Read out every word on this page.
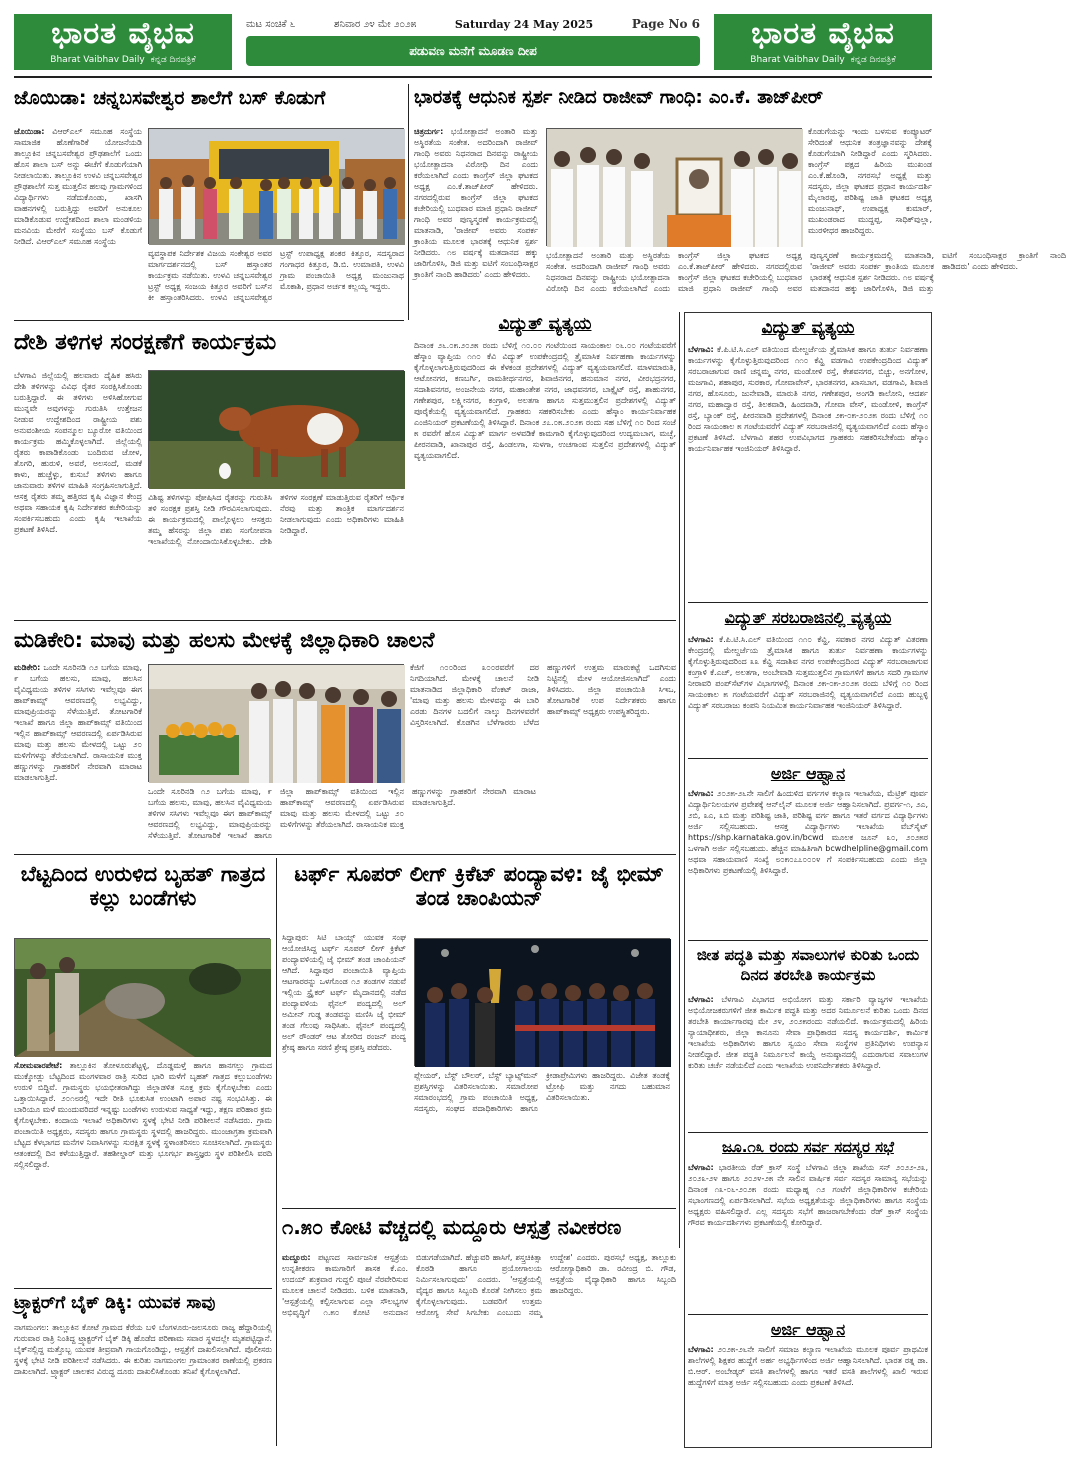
ಭಾರತ ವೈಭವ
Bharat Vaibhav Daily ಕನ್ನಡ ದಿನಪತ್ರಿಕೆ
ಮಟ ಸಂಚಿಕೆ ೬	ಶನಿವಾರ ೨೪ ಮೇ ೨೦೨೫	Saturday 24 May 2025	Page No 6
ಪಡುವಣ ಮನೆಗೆ ಮೂಡಣ ದೀಪ	ಭಾರತ ವೈಭವ
Bharat Vaibhav Daily ಕನ್ನಡ ದಿನಪತ್ರಿಕೆ
ಜೊಯಿಡಾ: ಚನ್ನಬಸವೇಶ್ವರ ಶಾಲೆಗೆ ಬಸ್ ಕೊಡುಗೆ
ಜೊಯಿಡಾ: ವಿಆರ್‌ಎಲ್ ಸಮೂಹ ಸಂಸ್ಥೆಯ ಸಾಮಾಜಿಕ ಹೊಣೆಗಾರಿಕೆ ಯೋಜನೆಯಡಿ ತಾಲ್ಲೂಕಿನ ಚನ್ನಬಸವೇಶ್ವರ ಪ್ರೌಢಶಾಲೆಗೆ ಒಂದು ಹೊಸ ಶಾಲಾ ಬಸ್ ಅನ್ನು ಈಚೆಗೆ ಕೊಡುಗೆಯಾಗಿ ನೀಡಲಾಯಿತು. ತಾಲ್ಲೂಕಿನ ಉಳವಿ ಚನ್ನಬಸವೇಶ್ವರ ಪ್ರೌಢಶಾಲೆಗೆ ಸುತ್ತ ಮುತ್ತಲಿನ ಹಲವು ಗ್ರಾಮಗಳಿಂದ ವಿದ್ಯಾರ್ಥಿಗಳು ನಡೆದುಕೊಂಡು, ಖಾಸಗಿ ವಾಹನಗಳಲ್ಲಿ ಬರುತ್ತಿದ್ದು ಅವರಿಗೆ ಅನುಕೂಲ ಮಾಡಿಕೊಡುವ ಉದ್ದೇಶದಿಂದ ಶಾಲಾ ಮಂಡಳಿಯ ಮನವಿಯ ಮೇರೆಗೆ ಸಂಸ್ಥೆಯು ಬಸ್ ಕೊಡುಗೆ ನೀಡಿದೆ. ವಿಆರ್‌ಎಲ್ ಸಮೂಹ ಸಂಸ್ಥೆಯ
ವ್ಯವಸ್ಥಾಪಕ ನಿರ್ದೇಶಕ ವಿಜಯ ಸಂಕೇಶ್ವರ ಅವರ ಮಾರ್ಗದರ್ಶನದಲ್ಲಿ ಬಸ್ ಹಸ್ತಾಂತರ ಕಾರ್ಯಕ್ರಮ ನಡೆಯಿತು. ಉಳವಿ ಚನ್ನಬಸವೇಶ್ವರ ಟ್ರಸ್ಟ್ ಅಧ್ಯಕ್ಷ ಸಂಜಯ ಕಿತ್ತೂರ ಅವರಿಗೆ ಬಸ್‌ನ ಕೀ ಹಸ್ತಾಂತರಿಸಿದರು. ಉಳವಿ ಚನ್ನಬಸವೇಶ್ವರ ಟ್ರಸ್ಟ್ ಉಪಾಧ್ಯಕ್ಷ ಶಂಕರ ಕಿತ್ತೂರ, ಸದಸ್ಯರಾದ ಗಂಗಾಧರ ಕಿತ್ತೂರ, ಡಿ.ಬಿ. ಉಮಾಪತಿ, ಉಳವಿ ಗ್ರಾಮ ಪಂಚಾಯಿತಿ ಅಧ್ಯಕ್ಷ ಮಂಜುನಾಥ ಮೊಕಾಶಿ, ಪ್ರಧಾನ ಅರ್ಚಕ ಕಲ್ಲಯ್ಯ ಇದ್ದರು.
ಭಾರತಕ್ಕೆ ಆಧುನಿಕ ಸ್ಪರ್ಶ ನೀಡಿದ ರಾಜೀವ್ ಗಾಂಧಿ: ಎಂ.ಕೆ. ತಾಜ್‌ಪೀರ್
ಚಿತ್ರದುರ್ಗ: ಭಯೋತ್ಪಾದನೆ ಅಂತಾರಿ ಮತ್ತು ಅಸ್ಥಿರತೆಯ ಸಂಕೇತ. ಅದರಿಂದಾಗಿ ರಾಜೀವ್ ಗಾಂಧಿ ಅವರು ನಿಧನರಾದ ದಿನವನ್ನು ರಾಷ್ಟ್ರೀಯ ಭಯೋತ್ಪಾದನಾ ವಿರೋಧಿ ದಿನ ಎಂದು ಕರೆಯಲಾಗಿದೆ ಎಂದು ಕಾಂಗ್ರೆಸ್ ಜಿಲ್ಲಾ ಘಟಕದ ಅಧ್ಯಕ್ಷ ಎಂ.ಕೆ.ತಾಜ್‌ಪೀರ್ ಹೇಳಿದರು. ನಗರದಲ್ಲಿರುವ ಕಾಂಗ್ರೆಸ್ ಜಿಲ್ಲಾ ಘಟಕದ ಕಚೇರಿಯಲ್ಲಿ ಬುಧವಾರ ಮಾಜಿ ಪ್ರಧಾನಿ ರಾಜೀವ್ ಗಾಂಧಿ ಅವರ ಪುಣ್ಯಸ್ಮರಣೆ ಕಾರ್ಯಕ್ರಮದಲ್ಲಿ ಮಾತನಾಡಿ, 'ರಾಜೀವ್ ಅವರು ಸಂಪರ್ಕ ಕ್ರಾಂತಿಯ ಮೂಲಕ ಭಾರತಕ್ಕೆ ಆಧುನಿಕ ಸ್ಪರ್ಶ ನೀಡಿದರು. ೧೮ ವರ್ಷಕ್ಕೆ ಮತದಾನದ ಹಕ್ಕು ಜಾರಿಗೊಳಿಸಿ, ಡಿಜಿ ಮತ್ತು ಐಟಿಗೆ ಸಂಬಂಧಿಸಾಕ್ಷರ ಕ್ರಾಂತಿಗೆ ನಾಂದಿ ಹಾಡಿದರು' ಎಂದು ಹೇಳಿದರು.
ಭಯೋತ್ಪಾದನೆ ಅಂತಾರಿ ಮತ್ತು ಅಸ್ಥಿರತೆಯ ಸಂಕೇತ. ಅದರಿಂದಾಗಿ ರಾಜೀವ್ ಗಾಂಧಿ ಅವರು ನಿಧನರಾದ ದಿನವನ್ನು ರಾಷ್ಟ್ರೀಯ ಭಯೋತ್ಪಾದನಾ ವಿರೋಧಿ ದಿನ ಎಂದು ಕರೆಯಲಾಗಿದೆ ಎಂದು ಕಾಂಗ್ರೆಸ್ ಜಿಲ್ಲಾ ಘಟಕದ ಅಧ್ಯಕ್ಷ ಎಂ.ಕೆ.ತಾಜ್‌ಪೀರ್ ಹೇಳಿದರು. ನಗರದಲ್ಲಿರುವ ಕಾಂಗ್ರೆಸ್ ಜಿಲ್ಲಾ ಘಟಕದ ಕಚೇರಿಯಲ್ಲಿ ಬುಧವಾರ ಮಾಜಿ ಪ್ರಧಾನಿ ರಾಜೀವ್ ಗಾಂಧಿ ಅವರ ಪುಣ್ಯಸ್ಮರಣೆ ಕಾರ್ಯಕ್ರಮದಲ್ಲಿ ಮಾತನಾಡಿ, 'ರಾಜೀವ್ ಅವರು ಸಂಪರ್ಕ ಕ್ರಾಂತಿಯ ಮೂಲಕ ಭಾರತಕ್ಕೆ ಆಧುನಿಕ ಸ್ಪರ್ಶ ನೀಡಿದರು. ೧೮ ವರ್ಷಕ್ಕೆ ಮತದಾನದ ಹಕ್ಕು ಜಾರಿಗೊಳಿಸಿ, ಡಿಜಿ ಮತ್ತು ಐಟಿಗೆ ಸಂಬಂಧಿಸಾಕ್ಷರ ಕ್ರಾಂತಿಗೆ ನಾಂದಿ ಹಾಡಿದರು' ಎಂದು ಹೇಳಿದರು.
ಕೊಡುಗೆಯನ್ನು ಇಂದು ಬಳಸುವ ಕಂಪ್ಯೂಟರ್ ಸೇರಿದಂತೆ ಆಧುನಿಕ ತಂತ್ರಜ್ಞಾನವನ್ನು ದೇಶಕ್ಕೆ ಕೊಡುಗೆಯಾಗಿ ನೀಡಿದ್ದಾರೆ ಎಂದು ಸ್ಮರಿಸಿದರು. ಕಾಂಗ್ರೆಸ್ ಪಕ್ಷದ ಹಿರಿಯ ಮುಖಂಡ ಎಂ.ಕೆ.ಹೊಂಡಿ, ನಗರಸಭೆ ಅಧ್ಯಕ್ಷೆ ಮತ್ತು ಸದಸ್ಯರು, ಜಿಲ್ಲಾ ಘಟಕದ ಪ್ರಧಾನ ಕಾರ್ಯದರ್ಶಿ ಮೈಲಾರಪ್ಪ, ಪರಿಶಿಷ್ಟ ಜಾತಿ ಘಟಕದ ಅಧ್ಯಕ್ಷ ಮಂಜುನಾಥ್, ಉಪಾಧ್ಯಕ್ಷ ಕುಮಾರ್, ಮುಖಂಡರಾದ ಮುದ್ದಪ್ಪ, ಸಾಧಿಕ್‌ವುಲ್ಲಾ, ಮುರಳೀಧರ ಹಾಜರಿದ್ದರು.
ವಿದ್ಯುತ್ ವ್ಯತ್ಯಯ
ದಿನಾಂಕ ೨೬.೦೫.೨೦೨೫ ರಂದು ಬೆಳಿಗ್ಗೆ ೧೦.೦೦ ಗಂಟೆಯಿಂದ ಸಾಯಂಕಾಲ ೦೬.೦೦ ಗಂಟೆಯವರೆಗೆ ಹೆಸ್ಕಾಂ ವ್ಯಾಪ್ತಿಯ ೧೧೦ ಕೆವಿ ವಿದ್ಯುತ್ ಉಪಕೇಂದ್ರದಲ್ಲಿ ತ್ರೈಮಾಸಿಕ ನಿರ್ವಹಣಾ ಕಾರ್ಯಗಳನ್ನು ಕೈಗೊಳ್ಳಲಾಗುತ್ತಿರುವುದರಿಂದ ಈ ಕೆಳಕಂಡ ಪ್ರದೇಶಗಳಲ್ಲಿ ವಿದ್ಯುತ್ ವ್ಯತ್ಯಯವಾಗಲಿದೆ. ಮಾಳಮಾರುತಿ, ಆಟೋನಗರ, ಕಣಬರ್ಗಿ, ರಾಮತೀರ್ಥನಗರ, ಶಿವಾಜಿನಗರ, ಹನುಮಾನ ನಗರ, ವೀರಭದ್ರನಗರ, ಸದಾಶಿವನಗರ, ಅಂಜನೇಯ ನಗರ, ಮಹಾಂತೇಶ ನಗರ, ಜಾಧವನಗರ, ಬಾಕ್ಸೈಟ್ ರಸ್ತೆ, ಶಾಹುನಗರ, ಗಣೇಶಪುರ, ಲಕ್ಷ್ಮೀನಗರ, ಕಂಗ್ರಾಳಿ, ಅಲತಗಾ ಹಾಗೂ ಸುತ್ತಮುತ್ತಲಿನ ಪ್ರದೇಶಗಳಲ್ಲಿ ವಿದ್ಯುತ್ ಪೂರೈಕೆಯಲ್ಲಿ ವ್ಯತ್ಯಯವಾಗಲಿದೆ. ಗ್ರಾಹಕರು ಸಹಕರಿಸಬೇಕು ಎಂದು ಹೆಸ್ಕಾಂ ಕಾರ್ಯನಿರ್ವಾಹಕ ಎಂಜಿನಿಯರ್ ಪ್ರಕಟಣೆಯಲ್ಲಿ ತಿಳಿಸಿದ್ದಾರೆ. ದಿನಾಂಕ ೨೭.೦೫.೨೦೨೫ ರಂದು ಸಹ ಬೆಳಿಗ್ಗೆ ೧೦ ರಿಂದ ಸಂಜೆ ೫ ರವರೆಗೆ ಹೊಸ ವಿದ್ಯುತ್ ಮಾರ್ಗ ಅಳವಡಿಕೆ ಕಾಮಗಾರಿ ಕೈಗೊಳ್ಳುವುದರಿಂದ ಉದ್ಯಮಬಾಗ, ಮಚ್ಛೆ, ಪೀರನವಾಡಿ, ಖಾನಾಪುರ ರಸ್ತೆ, ಹಿಂಡಲಗಾ, ಸುಳಗಾ, ಉಚಗಾಂವ ಸುತ್ತಲಿನ ಪ್ರದೇಶಗಳಲ್ಲಿ ವಿದ್ಯುತ್ ವ್ಯತ್ಯಯವಾಗಲಿದೆ.
ದೇಶಿ ತಳಿಗಳ ಸಂರಕ್ಷಣೆಗೆ ಕಾರ್ಯಕ್ರಮ
ಬೆಳಗಾವಿ ಜಿಲ್ಲೆಯಲ್ಲಿ ಹಲವಾರು ದೈಹಿಕ ಹಸಿರು ದೇಶಿ ತಳಿಗಳನ್ನು ವಿವಿಧ ರೈತರ ಸಂರಕ್ಷಿಸಿಕೊಂಡು ಬರುತ್ತಿದ್ದಾರೆ. ಈ ತಳಿಗಳು ಅಳಿಸಿಹೋಗುವ ಮುನ್ನವೇ ಅವುಗಳನ್ನು ಗುರುತಿಸಿ ಉತ್ತೇಜನ ನೀಡುವ ಉದ್ದೇಶದಿಂದ ರಾಷ್ಟ್ರೀಯ ಪಶು ಅನುವಂಶೀಯ ಸಂಪನ್ಮೂಲ ಬ್ಯೂರೋ ವತಿಯಿಂದ ಕಾರ್ಯಕ್ರಮ ಹಮ್ಮಿಕೊಳ್ಳಲಾಗಿದೆ. ಜಿಲ್ಲೆಯಲ್ಲಿ ರೈತರು ಕಾಪಾಡಿಕೊಂಡು ಬಂದಿರುವ ಜೋಳ, ತೊಗರಿ, ಹುರುಳಿ, ಅವರೆ, ಅಲಸಂದೆ, ಮಡಕೆ ಕಾಳು, ಹುಚ್ಚೆಳ್ಳು, ಕುಸುಬೆ ತಳಿಗಳು ಹಾಗೂ ಜಾನುವಾರು ತಳಿಗಳ ಮಾಹಿತಿ ಸಂಗ್ರಹಿಸಲಾಗುತ್ತಿದೆ. ಆಸಕ್ತ ರೈತರು ತಮ್ಮ ಹತ್ತಿರದ ಕೃಷಿ ವಿಜ್ಞಾನ ಕೇಂದ್ರ ಅಥವಾ ಸಹಾಯಕ ಕೃಷಿ ನಿರ್ದೇಶಕರ ಕಚೇರಿಯನ್ನು ಸಂಪರ್ಕಿಸಬಹುದು ಎಂದು ಕೃಷಿ ಇಲಾಖೆಯ ಪ್ರಕಟಣೆ ತಿಳಿಸಿದೆ.
ವಿಶಿಷ್ಟ ತಳಿಗಳನ್ನು ಪೋಷಿಸಿದ ರೈತರನ್ನು ಗುರುತಿಸಿ ತಳಿ ಸಂರಕ್ಷಕ ಪ್ರಶಸ್ತಿ ನೀಡಿ ಗೌರವಿಸಲಾಗುವುದು. ಈ ಕಾರ್ಯಕ್ರಮದಲ್ಲಿ ಪಾಲ್ಗೊಳ್ಳಲು ಆಸಕ್ತರು ತಮ್ಮ ಹೆಸರನ್ನು ಜಿಲ್ಲಾ ಪಶು ಸಂಗೋಪನಾ ಇಲಾಖೆಯಲ್ಲಿ ನೋಂದಾಯಿಸಿಕೊಳ್ಳಬೇಕು. ದೇಶಿ ತಳಿಗಳ ಸಂರಕ್ಷಣೆ ಮಾಡುತ್ತಿರುವ ರೈತರಿಗೆ ಆರ್ಥಿಕ ನೆರವು ಮತ್ತು ತಾಂತ್ರಿಕ ಮಾರ್ಗದರ್ಶನ ನೀಡಲಾಗುವುದು ಎಂದು ಅಧಿಕಾರಿಗಳು ಮಾಹಿತಿ ನೀಡಿದ್ದಾರೆ.
ಮಡಿಕೇರಿ: ಮಾವು ಮತ್ತು ಹಲಸು ಮೇಳಕ್ಕೆ ಜಿಲ್ಲಾಧಿಕಾರಿ ಚಾಲನೆ
ಮಡಿಕೇರಿ: ಒಂದೇ ಸೂರಿನಡಿ ೧೨ ಬಗೆಯ ಮಾವು, ೯ ಬಗೆಯ ಹಲಸು, ಮಾವು, ಹಲಸಿನ ವೈವಿಧ್ಯಮಯ ತಳಿಗಳ ಸಸಿಗಳು ಇವೆಲ್ಲವೂ ಈಗ ಹಾಪ್‌ಕಾಮ್ಸ್ ಆವರಣದಲ್ಲಿ ಲಭ್ಯವಿದ್ದು, ಮಾವುಪ್ರಿಯರನ್ನು ಸೆಳೆಯುತ್ತಿವೆ. ತೋಟಗಾರಿಕೆ ಇಲಾಖೆ ಹಾಗೂ ಜಿಲ್ಲಾ ಹಾಪ್‌ಕಾಮ್ಸ್ ವತಿಯಿಂದ ಇಲ್ಲಿನ ಹಾಪ್‌ಕಾಮ್ಸ್ ಆವರಣದಲ್ಲಿ ಏರ್ಪಡಿಸಿರುವ ಮಾವು ಮತ್ತು ಹಲಸು ಮೇಳದಲ್ಲಿ ಒಟ್ಟು ೨೦ ಮಳಿಗೆಗಳನ್ನು ತೆರೆಯಲಾಗಿದೆ. ರಾಸಾಯನಿಕ ಮುಕ್ತ ಹಣ್ಣುಗಳನ್ನು ಗ್ರಾಹಕರಿಗೆ ನೇರವಾಗಿ ಮಾರಾಟ ಮಾಡಲಾಗುತ್ತಿದೆ.
ಒಂದೇ ಸೂರಿನಡಿ ೧೨ ಬಗೆಯ ಮಾವು, ೯ ಬಗೆಯ ಹಲಸು, ಮಾವು, ಹಲಸಿನ ವೈವಿಧ್ಯಮಯ ತಳಿಗಳ ಸಸಿಗಳು ಇವೆಲ್ಲವೂ ಈಗ ಹಾಪ್‌ಕಾಮ್ಸ್ ಆವರಣದಲ್ಲಿ ಲಭ್ಯವಿದ್ದು, ಮಾವುಪ್ರಿಯರನ್ನು ಸೆಳೆಯುತ್ತಿವೆ. ತೋಟಗಾರಿಕೆ ಇಲಾಖೆ ಹಾಗೂ ಜಿಲ್ಲಾ ಹಾಪ್‌ಕಾಮ್ಸ್ ವತಿಯಿಂದ ಇಲ್ಲಿನ ಹಾಪ್‌ಕಾಮ್ಸ್ ಆವರಣದಲ್ಲಿ ಏರ್ಪಡಿಸಿರುವ ಮಾವು ಮತ್ತು ಹಲಸು ಮೇಳದಲ್ಲಿ ಒಟ್ಟು ೨೦ ಮಳಿಗೆಗಳನ್ನು ತೆರೆಯಲಾಗಿದೆ. ರಾಸಾಯನಿಕ ಮುಕ್ತ ಹಣ್ಣುಗಳನ್ನು ಗ್ರಾಹಕರಿಗೆ ನೇರವಾಗಿ ಮಾರಾಟ ಮಾಡಲಾಗುತ್ತಿದೆ.
ಕೆಜಿಗೆ ೧೦೦ರಿಂದ ೩೦೦ರವರೆಗೆ ದರ ನಿಗದಿಯಾಗಿದೆ. ಮೇಳಕ್ಕೆ ಚಾಲನೆ ನೀಡಿ ಮಾತನಾಡಿದ ಜಿಲ್ಲಾಧಿಕಾರಿ ವೆಂಕಟ್ ರಾಜಾ, 'ಮಾವು ಮತ್ತು ಹಲಸು ಮೇಳವನ್ನು ಈ ಬಾರಿ ಎರಡು ದಿನಗಳ ಬದಲಿಗೆ ನಾಲ್ಕು ದಿನಗಳವರೆಗೆ ವಿಸ್ತರಿಸಲಾಗಿದೆ. ಕೊಡಗಿನ ಬೆಳೆಗಾರರು ಬೆಳೆದ ಹಣ್ಣುಗಳಿಗೆ ಉತ್ತಮ ಮಾರುಕಟ್ಟೆ ಒದಗಿಸುವ ನಿಟ್ಟಿನಲ್ಲಿ ಮೇಳ ಆಯೋಜಿಸಲಾಗಿದೆ' ಎಂದು ತಿಳಿಸಿದರು. ಜಿಲ್ಲಾ ಪಂಚಾಯಿತಿ ಸಿಇಒ, ತೋಟಗಾರಿಕೆ ಉಪ ನಿರ್ದೇಶಕರು ಹಾಗೂ ಹಾಪ್‌ಕಾಮ್ಸ್ ಅಧ್ಯಕ್ಷರು ಉಪಸ್ಥಿತರಿದ್ದರು.
ಬೆಟ್ಟದಿಂದ ಉರುಳಿದ ಬೃಹತ್ ಗಾತ್ರದ ಕಲ್ಲು ಬಂಡೆಗಳು
ಸೋಮವಾರಪೇಟೆ: ತಾಲ್ಲೂಕಿನ ತೋಳೂರುಶೆಟ್ಟಳ್ಳಿ, ದೊಡ್ಡಮಳ್ತೆ ಹಾಗೂ ಹಾನಗಲ್ಲು ಗ್ರಾಮದ ಮುಕ್ಕೋಡ್ಲು ಬೆಟ್ಟದಿಂದ ಮಂಗಳವಾರ ರಾತ್ರಿ ಸುರಿದ ಭಾರಿ ಮಳೆಗೆ ಬೃಹತ್ ಗಾತ್ರದ ಕಲ್ಲುಬಂಡೆಗಳು ಉರುಳಿ ಬಿದ್ದಿವೆ. ಗ್ರಾಮಸ್ಥರು ಭಯಭೀತರಾಗಿದ್ದು ಜಿಲ್ಲಾಡಳಿತ ಸೂಕ್ತ ಕ್ರಮ ಕೈಗೊಳ್ಳಬೇಕು ಎಂದು ಒತ್ತಾಯಿಸಿದ್ದಾರೆ. ೨೦೧೮ರಲ್ಲಿ ಇದೇ ರೀತಿ ಭೂಕುಸಿತ ಉಂಟಾಗಿ ಅಪಾರ ನಷ್ಟ ಸಂಭವಿಸಿತ್ತು. ಈ ಬಾರಿಯೂ ಮಳೆ ಮುಂದುವರಿದರೆ ಇನ್ನಷ್ಟು ಬಂಡೆಗಳು ಉರುಳುವ ಸಾಧ್ಯತೆ ಇದ್ದು, ತಕ್ಷಣ ಪರಿಹಾರ ಕ್ರಮ ಕೈಗೊಳ್ಳಬೇಕು. ಕಂದಾಯ ಇಲಾಖೆ ಅಧಿಕಾರಿಗಳು ಸ್ಥಳಕ್ಕೆ ಭೇಟಿ ನೀಡಿ ಪರಿಶೀಲನೆ ನಡೆಸಿದರು. ಗ್ರಾಮ ಪಂಚಾಯಿತಿ ಅಧ್ಯಕ್ಷರು, ಸದಸ್ಯರು ಹಾಗೂ ಗ್ರಾಮಸ್ಥರು ಸ್ಥಳದಲ್ಲಿ ಹಾಜರಿದ್ದರು. ಮುಂಜಾಗ್ರತಾ ಕ್ರಮವಾಗಿ ಬೆಟ್ಟದ ಕೆಳಭಾಗದ ಮನೆಗಳ ನಿವಾಸಿಗಳನ್ನು ಸುರಕ್ಷಿತ ಸ್ಥಳಕ್ಕೆ ಸ್ಥಳಾಂತರಿಸಲು ಸೂಚಿಸಲಾಗಿದೆ. ಗ್ರಾಮಸ್ಥರು ಆತಂಕದಲ್ಲಿ ದಿನ ಕಳೆಯುತ್ತಿದ್ದಾರೆ. ತಹಶೀಲ್ದಾರ್ ಮತ್ತು ಭೂಗರ್ಭ ಶಾಸ್ತ್ರಜ್ಞರು ಸ್ಥಳ ಪರಿಶೀಲಿಸಿ ವರದಿ ಸಲ್ಲಿಸಲಿದ್ದಾರೆ.
ಟರ್ಫ್ ಸೂಪರ್ ಲೀಗ್ ಕ್ರಿಕೆಟ್ ಪಂದ್ಯಾವಳಿ: ಜೈ ಭೀಮ್ ತಂಡ ಚಾಂಪಿಯನ್
ಸಿದ್ದಾಪುರ: ಸಿಟಿ ಬಾಯ್ಸ್ ಯುವಕ ಸಂಘ ಆಯೋಜಿಸಿದ್ದ ಟರ್ಫ್ ಸೂಪರ್ ಲೀಗ್ ಕ್ರಿಕೆಟ್ ಪಂದ್ಯಾವಳಿಯಲ್ಲಿ ಜೈ ಭೀಮ್ ತಂಡ ಚಾಂಪಿಯನ್ ಆಗಿದೆ. ಸಿದ್ದಾಪುರ ಪಂಚಾಯಿತಿ ವ್ಯಾಪ್ತಿಯ ಆಟಗಾರರನ್ನು ಒಳಗೊಂಡ ೧೨ ತಂಡಗಳ ನಡುವೆ ಇಲ್ಲಿಯ ಸ್ಟ್ರೈಕರ್ ಟರ್ಫ್ ಮೈದಾನದಲ್ಲಿ ನಡೆದ ಪಂದ್ಯಾವಳಿಯ ಫೈನಲ್ ಪಂದ್ಯದಲ್ಲಿ ಅಲ್ ಅಮೀನ್ ಗುಡ್ಡ ತಂಡವನ್ನು ಮಣಿಸಿ ಜೈ ಭೀಮ್ ತಂಡ ಗೆಲುವು ಸಾಧಿಸಿತು. ಫೈನಲ್ ಪಂದ್ಯದಲ್ಲಿ ಅಲ್ ರೌಂಡರ್ ಆಟ ತೋರಿದ ರಂಜನ್ ಪಂದ್ಯ ಶ್ರೇಷ್ಠ ಹಾಗೂ ಸರಣಿ ಶ್ರೇಷ್ಠ ಪ್ರಶಸ್ತಿ ಪಡೆದರು.
ಪ್ಲೇಯರ್, ಬೆಸ್ಟ್ ಬೌಲರ್, ಬೆಸ್ಟ್ ಬ್ಯಾಟ್ಸ್‌ಮನ್ ಪ್ರಶಸ್ತಿಗಳನ್ನು ವಿತರಿಸಲಾಯಿತು. ಸಮಾರೋಪ ಸಮಾರಂಭದಲ್ಲಿ ಗ್ರಾಮ ಪಂಚಾಯಿತಿ ಅಧ್ಯಕ್ಷ, ಸದಸ್ಯರು, ಸಂಘದ ಪದಾಧಿಕಾರಿಗಳು ಹಾಗೂ ಕ್ರೀಡಾಪ್ರೇಮಿಗಳು ಹಾಜರಿದ್ದರು. ವಿಜೇತ ತಂಡಕ್ಕೆ ಟ್ರೋಫಿ ಮತ್ತು ನಗದು ಬಹುಮಾನ ವಿತರಿಸಲಾಯಿತು.
೧.೫೦ ಕೋಟಿ ವೆಚ್ಚದಲ್ಲಿ ಮದ್ದೂರು ಆಸ್ಪತ್ರೆ ನವೀಕರಣ
ಮದ್ದೂರು: ಪಟ್ಟಣದ ಸಾರ್ವಜನಿಕ ಆಸ್ಪತ್ರೆಯ ಉನ್ನತೀಕರಣ ಕಾಮಗಾರಿಗೆ ಶಾಸಕ ಕೆ.ಎಂ. ಉದಯ್ ಶುಕ್ರವಾರ ಗುದ್ದಲಿ ಪೂಜೆ ನೆರವೇರಿಸುವ ಮೂಲಕ ಚಾಲನೆ ನೀಡಿದರು. ಬಳಿಕ ಮಾತನಾಡಿ, 'ಆಸ್ಪತ್ರೆಯಲ್ಲಿ ಕಲ್ಪಿಸಲಾಗುವ ಎಲ್ಲಾ ಸೌಲಭ್ಯಗಳ ಅಭಿವೃದ್ಧಿಗೆ ೧.೫೦ ಕೋಟಿ ಅನುದಾನ ಬಿಡುಗಡೆಯಾಗಿದೆ. ಹೆಚ್ಚುವರಿ ಹಾಸಿಗೆ, ಶಸ್ತ್ರಚಿಕಿತ್ಸಾ ಕೊಠಡಿ ಹಾಗೂ ಪ್ರಯೋಗಾಲಯ ನಿರ್ಮಿಸಲಾಗುವುದು' ಎಂದರು. 'ಆಸ್ಪತ್ರೆಯಲ್ಲಿ ವೈದ್ಯರ ಹಾಗೂ ಸಿಬ್ಬಂದಿ ಕೊರತೆ ನೀಗಿಸಲು ಕ್ರಮ ಕೈಗೊಳ್ಳಲಾಗುವುದು. ಬಡವರಿಗೆ ಉತ್ತಮ ಆರೋಗ್ಯ ಸೇವೆ ಸಿಗಬೇಕು ಎಂಬುದು ನಮ್ಮ ಉದ್ದೇಶ' ಎಂದರು. ಪುರಸಭೆ ಅಧ್ಯಕ್ಷ, ತಾಲ್ಲೂಕು ಆರೋಗ್ಯಾಧಿಕಾರಿ ಡಾ. ರವೀಂದ್ರ ಬಿ. ಗೌಡ, ಆಸ್ಪತ್ರೆಯ ವೈದ್ಯಾಧಿಕಾರಿ ಹಾಗೂ ಸಿಬ್ಬಂದಿ ಹಾಜರಿದ್ದರು.
ಟ್ರ್ಯಾಕ್ಟರ್‌ಗೆ ಬೈಕ್ ಡಿಕ್ಕಿ: ಯುವಕ ಸಾವು
ನಾಗಮಂಗಲ: ತಾಲ್ಲೂಕಿನ ಕೋಟೆ ಗ್ರಾಮದ ಕೆರೆಯ ಬಳಿ ಬೆಂಗಳೂರು-ಜಲಸೂರು ರಾಜ್ಯ ಹೆದ್ದಾರಿಯಲ್ಲಿ ಗುರುವಾರ ರಾತ್ರಿ ನಿಂತಿದ್ದ ಟ್ರ್ಯಾಕ್ಟರ್‌ಗೆ ಬೈಕ್ ಡಿಕ್ಕಿ ಹೊಡೆದ ಪರಿಣಾಮ ಸವಾರ ಸ್ಥಳದಲ್ಲೇ ಮೃತಪಟ್ಟಿದ್ದಾನೆ. ಬೈಕ್‌ನಲ್ಲಿದ್ದ ಮತ್ತೊಬ್ಬ ಯುವಕ ತೀವ್ರವಾಗಿ ಗಾಯಗೊಂಡಿದ್ದು, ಆಸ್ಪತ್ರೆಗೆ ದಾಖಲಿಸಲಾಗಿದೆ. ಪೊಲೀಸರು ಸ್ಥಳಕ್ಕೆ ಭೇಟಿ ನೀಡಿ ಪರಿಶೀಲನೆ ನಡೆಸಿದರು. ಈ ಕುರಿತು ನಾಗಮಂಗಲ ಗ್ರಾಮಾಂತರ ಠಾಣೆಯಲ್ಲಿ ಪ್ರಕರಣ ದಾಖಲಾಗಿದೆ. ಟ್ರ್ಯಾಕ್ಟರ್ ಚಾಲಕನ ವಿರುದ್ಧ ದೂರು ದಾಖಲಿಸಿಕೊಂಡು ತನಿಖೆ ಕೈಗೊಳ್ಳಲಾಗಿದೆ.
ವಿದ್ಯುತ್ ವ್ಯತ್ಯಯ
ಬೆಳಗಾವಿ: ಕೆ.ಪಿ.ಟಿ.ಸಿ.ಎಲ್ ವತಿಯಿಂದ ಮೇಲ್ದರ್ಜೆಯ ತ್ರೈಮಾಸಿಕ ಹಾಗೂ ತುರ್ತು ನಿರ್ವಹಣಾ ಕಾರ್ಯಗಳನ್ನು ಕೈಗೊಳ್ಳುತ್ತಿರುವುದರಿಂದ ೧೧೦ ಕೆವ್ಹಿ ವಡಗಾವಿ ಉಪಕೇಂದ್ರದಿಂದ ವಿದ್ಯುತ್ ಸರಬರಾಜಾಗುವ ರಾಣಿ ಚನ್ನಮ್ಮ ನಗರ, ಮಂಡೋಳಿ ರಸ್ತೆ, ಕೇಶವನಗರ, ಬಿಚ್ಚು, ಅನಗೋಳ, ಮಜಗಾವಿ, ಶಹಾಪುರ, ಸುರಕಾರ, ಗೋವಾವೇಸ್, ಭಾರತನಗರ, ಖಾಸಬಾಗ, ವಡಗಾವಿ, ಶಿವಾಜಿ ನಗರ, ಹೊಸೂರು, ಜುನೇವಾಡಿ, ಮಾರುತಿ ನಗರ, ಗಣೇಶಪುರ, ಅಂಗಡಿ ಕಾಲೋನಿ, ಆದರ್ಶ ನಗರ, ಮಹಾದ್ವಾರ ರಸ್ತೆ, ತಿಲಕವಾಡಿ, ಹಿಂದವಾಡಿ, ಗೋವಾ ವೇಸ್, ಮಂಡೋಳಿ, ಕಾಂಗ್ರೆಸ್ ರಸ್ತೆ, ಬ್ಯಾಂಕ್ ರಸ್ತೆ, ಪೀರನವಾಡಿ ಪ್ರದೇಶಗಳಲ್ಲಿ ದಿನಾಂಕ ೨೫-೦೫-೨೦೨೫ ರಂದು ಬೆಳಿಗ್ಗೆ ೧೦ ರಿಂದ ಸಾಯಂಕಾಲ ೫ ಗಂಟೆಯವರೆಗೆ ವಿದ್ಯುತ್ ಸರಬರಾಜಿನಲ್ಲಿ ವ್ಯತ್ಯಯವಾಗಲಿದೆ ಎಂದು ಹೆಸ್ಕಾಂ ಪ್ರಕಟಣೆ ತಿಳಿಸಿದೆ. ಬೆಳಗಾವಿ ಶಹರ ಉಪವಿಭಾಗದ ಗ್ರಾಹಕರು ಸಹಕರಿಸಬೇಕೆಂದು ಹೆಸ್ಕಾಂ ಕಾರ್ಯನಿರ್ವಾಹಕ ಇಂಜಿನಿಯರ್ ತಿಳಿಸಿದ್ದಾರೆ.
ವಿದ್ಯುತ್ ಸರಬರಾಜಿನಲ್ಲಿ ವ್ಯತ್ಯಯ
ಬೆಳಗಾವಿ: ಕೆ.ಪಿ.ಟಿ.ಸಿ.ಎಲ್ ವತಿಯಿಂದ ೧೧೦ ಕೆವ್ಹಿ, ಸವಕಾರ ನಗರ ವಿದ್ಯುತ್ ವಿತರಣಾ ಕೇಂದ್ರದಲ್ಲಿ ಮೇಲ್ದರ್ಜೆಯ ತ್ರೈಮಾಸಿಕ ಹಾಗೂ ತುರ್ತು ನಿರ್ವಹಣಾ ಕಾರ್ಯಗಳನ್ನು ಕೈಗೊಳ್ಳುತ್ತಿರುವುದರಿಂದ ೩೩ ಕೆವ್ಹಿ ಸದಾಶಿವ ನಗರ ಉಪಕೇಂದ್ರದಿಂದ ವಿದ್ಯುತ್ ಸರಬರಾಜಾಗುವ ಕಂಗ್ರಾಳಿ ಕೆ.ಎಚ್, ಅಲತಗಾ, ಅಂಬೇವಾಡಿ ಸುತ್ತಮುತ್ತಲಿನ ಗ್ರಾಮಗಳಿಗೆ ಹಾಗೂ ಸದರಿ ಗ್ರಾಮಗಳ ನೀರಾವರಿ ಪಂಪ್‌ಸೆಟ್‌ಗಳ ವಿಭಾಗಗಳಲ್ಲಿ ದಿನಾಂಕ ೨೫-೦೫-೨೦೨೫ ರಂದು ಬೆಳಿಗ್ಗೆ ೧೦ ರಿಂದ ಸಾಯಂಕಾಲ ೫ ಗಂಟೆಯವರೆಗೆ ವಿದ್ಯುತ್ ಸರಬರಾಜಿನಲ್ಲಿ ವ್ಯತ್ಯಯವಾಗಲಿದೆ ಎಂದು ಹುಬ್ಬಳ್ಳಿ ವಿದ್ಯುತ್ ಸರಬರಾಜು ಕಂಪನಿ ನಿಯಮಿತ ಕಾರ್ಯನಿರ್ವಾಹಕ ಇಂಜಿನಿಯರ್ ತಿಳಿಸಿದ್ದಾರೆ.
ಅರ್ಜಿ ಆಹ್ವಾನ
ಬೆಳಗಾವಿ: ೨೦೨೫-೨೬ನೇ ಸಾಲಿಗೆ ಹಿಂದುಳಿದ ವರ್ಗಗಳ ಕಲ್ಯಾಣ ಇಲಾಖೆಯ, ಮೆಟ್ರಿಕ್ ಪೂರ್ವ ವಿದ್ಯಾರ್ಥಿನಿಲಯಗಳ ಪ್ರವೇಶಕ್ಕೆ ಆನ್‌ಲೈನ್ ಮೂಲಕ ಅರ್ಜಿ ಆಹ್ವಾನಿಸಲಾಗಿದೆ. ಪ್ರವರ್ಗ-೧, ೨ಎ, ೨ಬಿ, ೩ಎ, ೩ಬಿ ಮತ್ತು ಪರಿಶಿಷ್ಟ ಜಾತಿ, ಪರಿಶಿಷ್ಟ ವರ್ಗ ಹಾಗೂ ಇತರೆ ವರ್ಗದ ವಿದ್ಯಾರ್ಥಿಗಳು ಅರ್ಜಿ ಸಲ್ಲಿಸಬಹುದು. ಆಸಕ್ತ ವಿದ್ಯಾರ್ಥಿಗಳು ಇಲಾಖೆಯ ವೆಬ್‌ಸೈಟ್ https://shp.karnataka.gov.in/bcwd ಮೂಲಕ ಜೂನ್ ೩೦, ೨೦೨೫ರ ಒಳಗಾಗಿ ಅರ್ಜಿ ಸಲ್ಲಿಸಬಹುದು. ಹೆಚ್ಚಿನ ಮಾಹಿತಿಗಾಗಿ bcwdhelpline@gmail.com ಅಥವಾ ಸಹಾಯವಾಣಿ ಸಂಖ್ಯೆ ೮೦೫೦೭೭೦೦೦೪ ಗೆ ಸಂಪರ್ಕಿಸಬಹುದು ಎಂದು ಜಿಲ್ಲಾ ಅಧಿಕಾರಿಗಳು ಪ್ರಕಟಣೆಯಲ್ಲಿ ತಿಳಿಸಿದ್ದಾರೆ.
ಜೀತ ಪದ್ಧತಿ ಮತ್ತು ಸವಾಲುಗಳ ಕುರಿತು ಒಂದು ದಿನದ ತರಬೇತಿ ಕಾರ್ಯಕ್ರಮ
ಬೆಳಗಾವಿ: ಬೆಳಗಾವಿ ವಿಭಾಗದ ಅಭಿಯೋಗ ಮತ್ತು ಸರ್ಕಾರಿ ವ್ಯಾಜ್ಯಗಳ ಇಲಾಖೆಯ ಅಭಿಯೋಜಕರುಗಳಿಗೆ ಜೀತ ಕಾರ್ಮಿಕ ಪದ್ಧತಿ ಮತ್ತು ಅದರ ನಿರ್ಮೂಲನೆ ಕುರಿತು ಒಂದು ದಿನದ ತರಬೇತಿ ಕಾರ್ಯಾಗಾರವು ಮೇ ೨೪, ೨೦೨೫ರಂದು ನಡೆಯಲಿದೆ. ಕಾರ್ಯಕ್ರಮದಲ್ಲಿ ಹಿರಿಯ ನ್ಯಾಯಾಧೀಶರು, ಜಿಲ್ಲಾ ಕಾನೂನು ಸೇವಾ ಪ್ರಾಧಿಕಾರದ ಸದಸ್ಯ ಕಾರ್ಯದರ್ಶಿ, ಕಾರ್ಮಿಕ ಇಲಾಖೆಯ ಅಧಿಕಾರಿಗಳು ಹಾಗೂ ಸ್ವಯಂ ಸೇವಾ ಸಂಸ್ಥೆಗಳ ಪ್ರತಿನಿಧಿಗಳು ಉಪನ್ಯಾಸ ನೀಡಲಿದ್ದಾರೆ. ಜೀತ ಪದ್ಧತಿ ನಿರ್ಮೂಲನೆ ಕಾಯ್ದೆ ಅನುಷ್ಠಾನದಲ್ಲಿ ಎದುರಾಗುವ ಸವಾಲುಗಳ ಕುರಿತು ಚರ್ಚೆ ನಡೆಯಲಿದೆ ಎಂದು ಇಲಾಖೆಯ ಉಪನಿರ್ದೇಶಕರು ತಿಳಿಸಿದ್ದಾರೆ.
ಜೂ.೧೩ ರಂದು ಸರ್ವ ಸದಸ್ಯರ ಸಭೆ
ಬೆಳಗಾವಿ: ಭಾರತೀಯ ರೆಡ್ ಕ್ರಾಸ್ ಸಂಸ್ಥೆ ಬೆಳಗಾವಿ ಜಿಲ್ಲಾ ಶಾಖೆಯ ಸನ್ ೨೦೨೨-೨೩, ೨೦೨೩-೨೪ ಹಾಗೂ ೨೦೨೪-೨೫ ನೇ ಸಾಲಿನ ವಾರ್ಷಿಕ ಸರ್ವ ಸದಸ್ಯರ ಸಾಮಾನ್ಯ ಸಭೆಯನ್ನು ದಿನಾಂಕ ೧೩-೦೬-೨೦೨೫ ರಂದು ಮಧ್ಯಾಹ್ನ ೧೨ ಗಂಟೆಗೆ ಜಿಲ್ಲಾಧಿಕಾರಿಗಳ ಕಚೇರಿಯ ಸಭಾಂಗಣದಲ್ಲಿ ಏರ್ಪಡಿಸಲಾಗಿದೆ. ಸಭೆಯ ಅಧ್ಯಕ್ಷತೆಯನ್ನು ಜಿಲ್ಲಾಧಿಕಾರಿಗಳು ಹಾಗೂ ಸಂಸ್ಥೆಯ ಅಧ್ಯಕ್ಷರು ವಹಿಸಲಿದ್ದಾರೆ. ಎಲ್ಲ ಸದಸ್ಯರು ಸಭೆಗೆ ಹಾಜರಾಗಬೇಕೆಂದು ರೆಡ್ ಕ್ರಾಸ್ ಸಂಸ್ಥೆಯ ಗೌರವ ಕಾರ್ಯದರ್ಶಿಗಳು ಪ್ರಕಟಣೆಯಲ್ಲಿ ಕೋರಿದ್ದಾರೆ.
ಅರ್ಜಿ ಆಹ್ವಾನ
ಬೆಳಗಾವಿ: ೨೦೨೫-೨೬ನೇ ಸಾಲಿಗೆ ಸಮಾಜ ಕಲ್ಯಾಣ ಇಲಾಖೆಯ ಮೂಲಕ ಪೂರ್ವ ಪ್ರಾಥಮಿಕ ಶಾಲೆಗಳಲ್ಲಿ ಶಿಕ್ಷಕರ ಹುದ್ದೆಗೆ ಅರ್ಹ ಅಭ್ಯರ್ಥಿಗಳಿಂದ ಅರ್ಜಿ ಆಹ್ವಾನಿಸಲಾಗಿದೆ. ಭಾರತ ರತ್ನ ಡಾ. ಬಿ.ಆರ್. ಅಂಬೇಡ್ಕರ್ ವಸತಿ ಶಾಲೆಗಳಲ್ಲಿ ಹಾಗೂ ಇತರೆ ವಸತಿ ಶಾಲೆಗಳಲ್ಲಿ ಖಾಲಿ ಇರುವ ಹುದ್ದೆಗಳಿಗೆ ಮಾತ್ರ ಅರ್ಜಿ ಸಲ್ಲಿಸಬಹುದು ಎಂದು ಪ್ರಕಟಣೆ ತಿಳಿಸಿದೆ.
